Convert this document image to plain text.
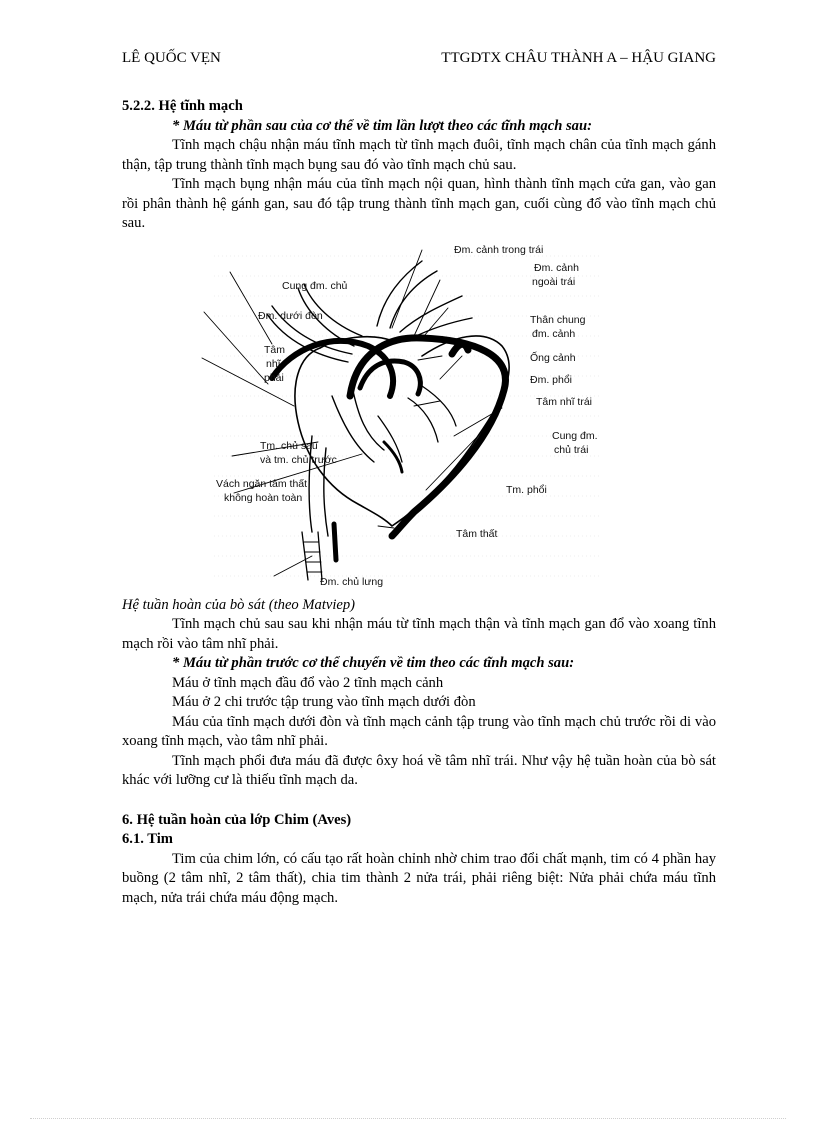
LÊ QUỐC VẸN	TTGDTX CHÂU THÀNH A – HẬU GIANG

5.2.2. Hệ tĩnh mạch

* Máu từ phần sau của cơ thể về tim lần lượt theo các tĩnh mạch sau:

Tĩnh mạch chậu nhận máu tĩnh mạch từ tĩnh mạch đuôi, tĩnh mạch chân của tĩnh mạch gánh thận, tập trung thành tĩnh mạch bụng sau đó vào tĩnh mạch chủ sau.

Tĩnh mạch bụng nhận máu của tĩnh mạch nội quan, hình thành tĩnh mạch cửa gan, vào gan rồi phân thành hệ gánh gan, sau đó tập trung thành tĩnh mạch gan, cuối cùng đổ vào tĩnh mạch chủ sau.

Đm. cảnh trong trái
Đm. cảnh
ngoài trái
Cung đm. chủ
Đm. dưới đòn	Thân chung
đm. cảnh
Tâm
nhĩ
phải
Ống cảnh
Đm. phổi
Tâm nhĩ trái
Cung đm.
chủ trái
Tm. chủ sau
và tm. chủ trước
Vách ngăn tâm thất
không hoàn toàn
Tm. phổi
Tâm thất
Đm. chủ lưng

Hệ tuần hoàn của bò sát (theo Matviep)

Tĩnh mạch chủ sau sau khi nhận máu từ tĩnh mạch thận và tĩnh mạch gan đổ vào xoang tĩnh mạch rồi vào tâm nhĩ phải.

* Máu từ phần trước cơ thể chuyển về tim theo các tĩnh mạch sau:

Máu ở tĩnh mạch đầu đổ vào 2 tĩnh mạch cảnh

Máu ở 2 chi trước tập trung vào tĩnh mạch dưới đòn

Máu của tĩnh mạch dưới đòn và tĩnh mạch cảnh tập trung vào tĩnh mạch chủ trước rồi di vào xoang tĩnh mạch, vào tâm nhĩ phải.

Tĩnh mạch phổi đưa máu đã được ôxy hoá về tâm nhĩ trái. Như vậy hệ tuần hoàn của bò sát khác với lưỡng cư là thiếu tĩnh mạch da.

6. Hệ tuần hoàn của lớp Chim (Aves)

6.1. Tim

Tim của chim lớn, có cấu tạo rất hoàn chỉnh nhờ chim trao đổi chất mạnh, tim có 4 phần hay buồng (2 tâm nhĩ, 2 tâm thất), chia tim thành 2 nửa trái, phải riêng biệt: Nửa phải chứa máu tĩnh mạch, nửa trái chứa máu động mạch.
